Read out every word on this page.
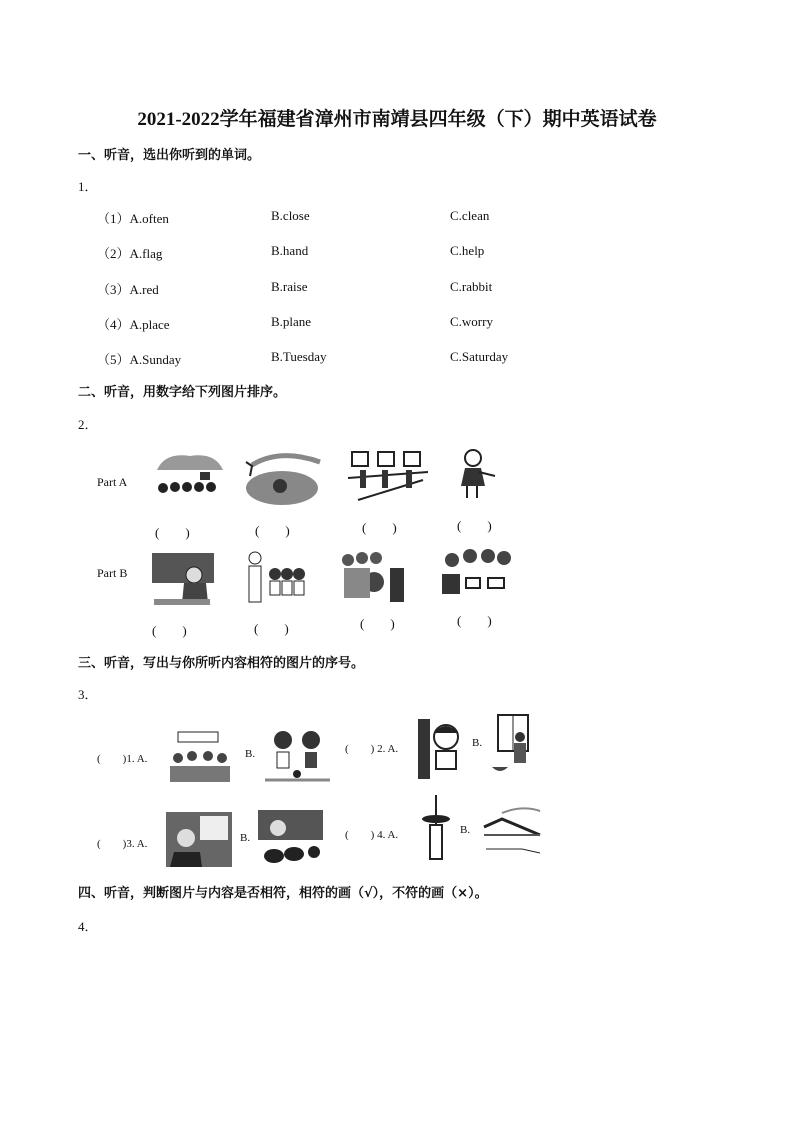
2021-2022学年福建省漳州市南靖县四年级（下）期中英语试卷
一、听音，选出你听到的单词。
1．
（1）A.often	B.close	C.clean
（2）A.flag	B.hand	C.help
（3）A.red	B.raise	C.rabbit
（4）A.place	B.plane	C.worry
（5）A.Sunday	B.Tuesday	C.Saturday
二、听音，用数字给下列图片排序。
2．
Part A
Part B
(　　)	(　　)	(　　)	(　　)
(　　)	(　　)	(　　)	(　　)
三、听音，写出与你所听内容相符的图片的序号。
3．
(　　)1. A.	B.	(　　) 2. A.	B.
(　　)3. A.	B.	(　　) 4. A.	B.
四、听音，判断图片与内容是否相符，相符的画（√），不符的画（×）。
4．
